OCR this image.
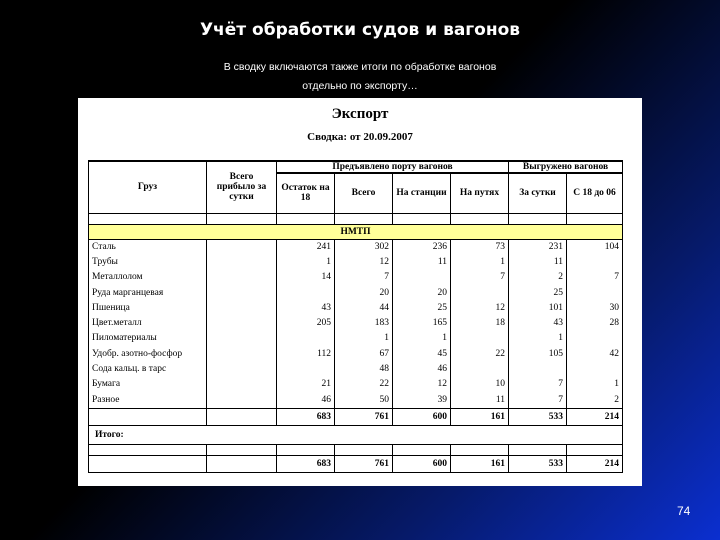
Учёт обработки судов и вагонов
В сводку включаются также итоги по обработке вагонов
отдельно по экспорту…
Экспорт
Сводка: от 20.09.2007
Груз	Всего прибыло за сутки	Предъявлено порту вагонов				Выгружено вагонов	
		Остаток на 18	Всего	На станции	На путях	За сутки	С 18 до 06

НМТП							
Сталь		241	302	236	73	231	104
Трубы		1	12	11	1	11	
Металлолом		14	7		7	2	7
Руда марганцевая			20	20		25	
Пшеница		43	44	25	12	101	30
Цвет.металл		205	183	165	18	43	28
Пиломатериалы			1	1		1	
Удобр. азотно-фосфор		112	67	45	22	105	42
Сода кальц. в тарс			48	46			
Бумага		21	22	12	10	7	1
Разное		46	50	39	11	7	2
		683	761	600	161	533	214
Итого:							

		683	761	600	161	533	214
74
